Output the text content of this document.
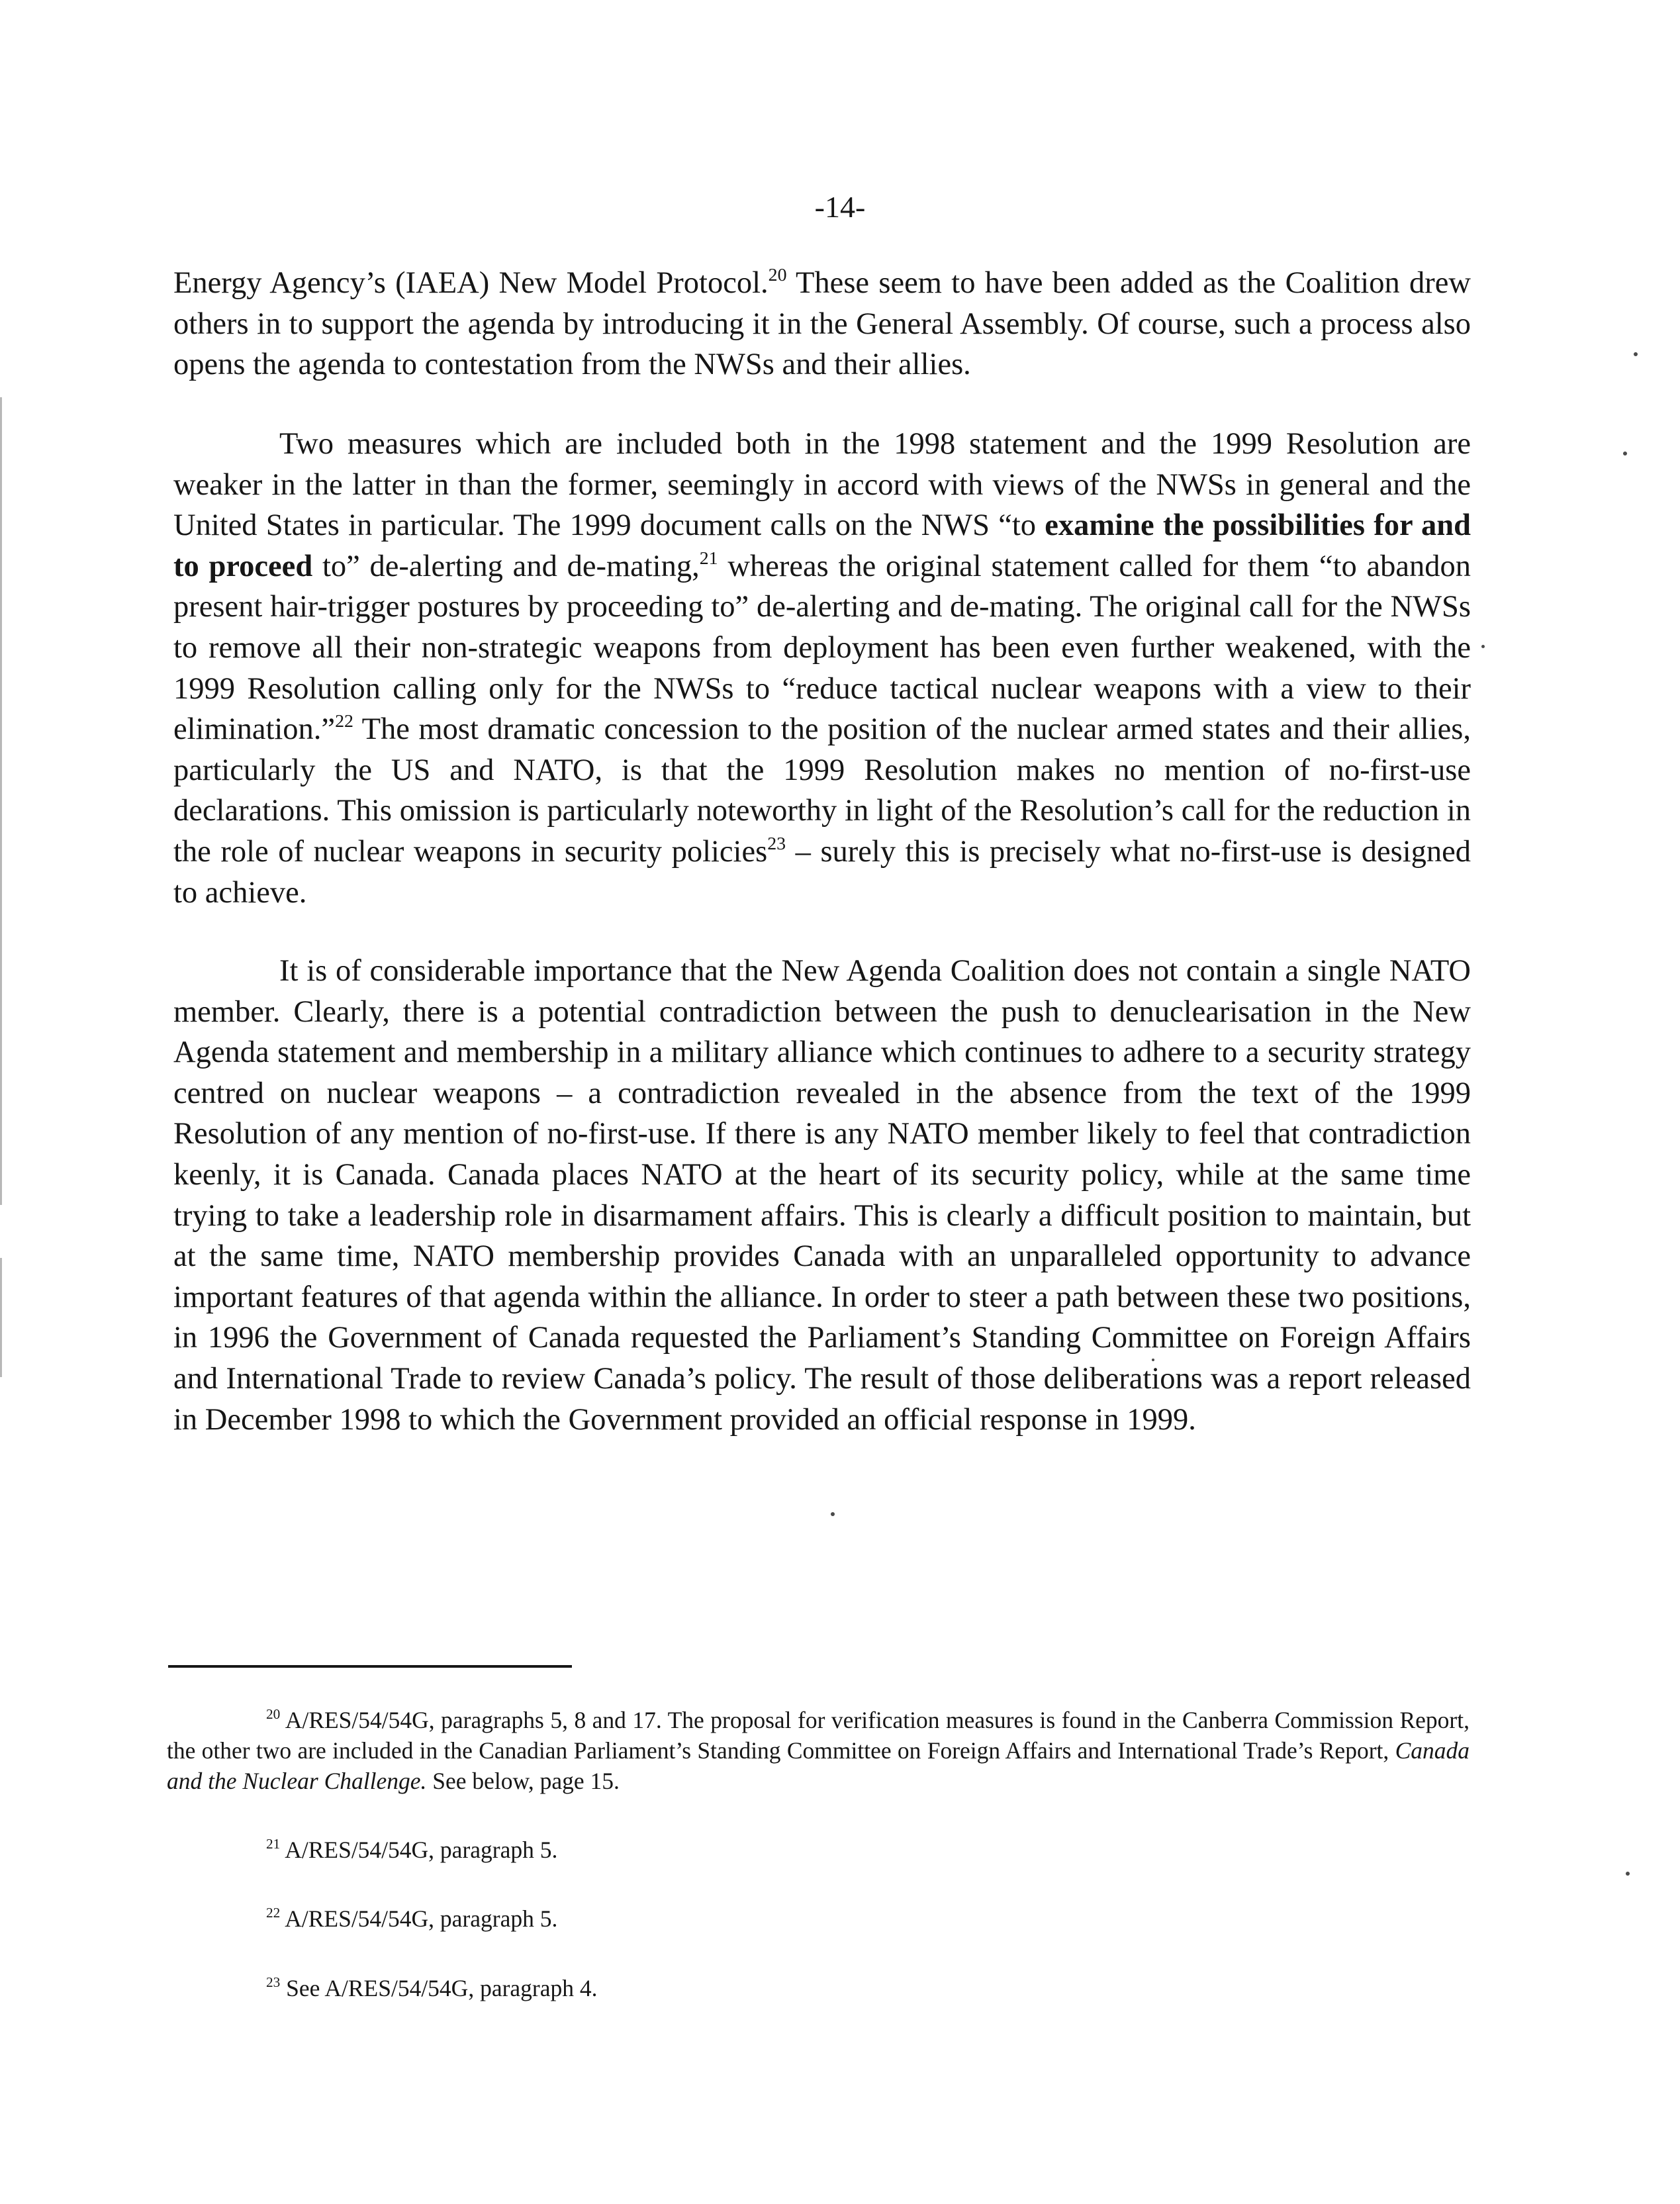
-14-

Energy Agency’s (IAEA) New Model Protocol.$^{20}$ These seem to have been added as the Coalition drew others in to support the agenda by introducing it in the General Assembly. Of course, such a process also opens the agenda to contestation from the NWSs and their allies.

Two measures which are included both in the 1998 statement and the 1999 Resolution are weaker in the latter in than the former, seemingly in accord with views of the NWSs in general and the United States in particular. The 1999 document calls on the NWS “to examine the possibilities for and to proceed to” de-alerting and de-mating,$^{21}$ whereas the original statement called for them “to abandon present hair-trigger postures by proceeding to” de-alerting and de-mating. The original call for the NWSs to remove all their non-strategic weapons from deployment has been even further weakened, with the 1999 Resolution calling only for the NWSs to “reduce tactical nuclear weapons with a view to their elimination.”$^{22}$ The most dramatic concession to the position of the nuclear armed states and their allies, particularly the US and NATO, is that the 1999 Resolution makes no mention of no-first-use declarations. This omission is particularly noteworthy in light of the Resolution’s call for the reduction in the role of nuclear weapons in security policies$^{23}$ – surely this is precisely what no-first-use is designed to achieve.

It is of considerable importance that the New Agenda Coalition does not contain a single NATO member. Clearly, there is a potential contradiction between the push to denuclearisation in the New Agenda statement and membership in a military alliance which continues to adhere to a security strategy centred on nuclear weapons – a contradiction revealed in the absence from the text of the 1999 Resolution of any mention of no-first-use. If there is any NATO member likely to feel that contradiction keenly, it is Canada. Canada places NATO at the heart of its security policy, while at the same time trying to take a leadership role in disarmament affairs. This is clearly a difficult position to maintain, but at the same time, NATO membership provides Canada with an unparalleled opportunity to advance important features of that agenda within the alliance. In order to steer a path between these two positions, in 1996 the Government of Canada requested the Parliament’s Standing Committee on Foreign Affairs and International Trade to review Canada’s policy. The result of those deliberations was a report released in December 1998 to which the Government provided an official response in 1999.

$^{20}$ A/RES/54/54G, paragraphs 5, 8 and 17. The proposal for verification measures is found in the Canberra Commission Report, the other two are included in the Canadian Parliament’s Standing Committee on Foreign Affairs and International Trade’s Report, Canada and the Nuclear Challenge. See below, page 15.

$^{21}$ A/RES/54/54G, paragraph 5.

$^{22}$ A/RES/54/54G, paragraph 5.

$^{23}$ See A/RES/54/54G, paragraph 4.
